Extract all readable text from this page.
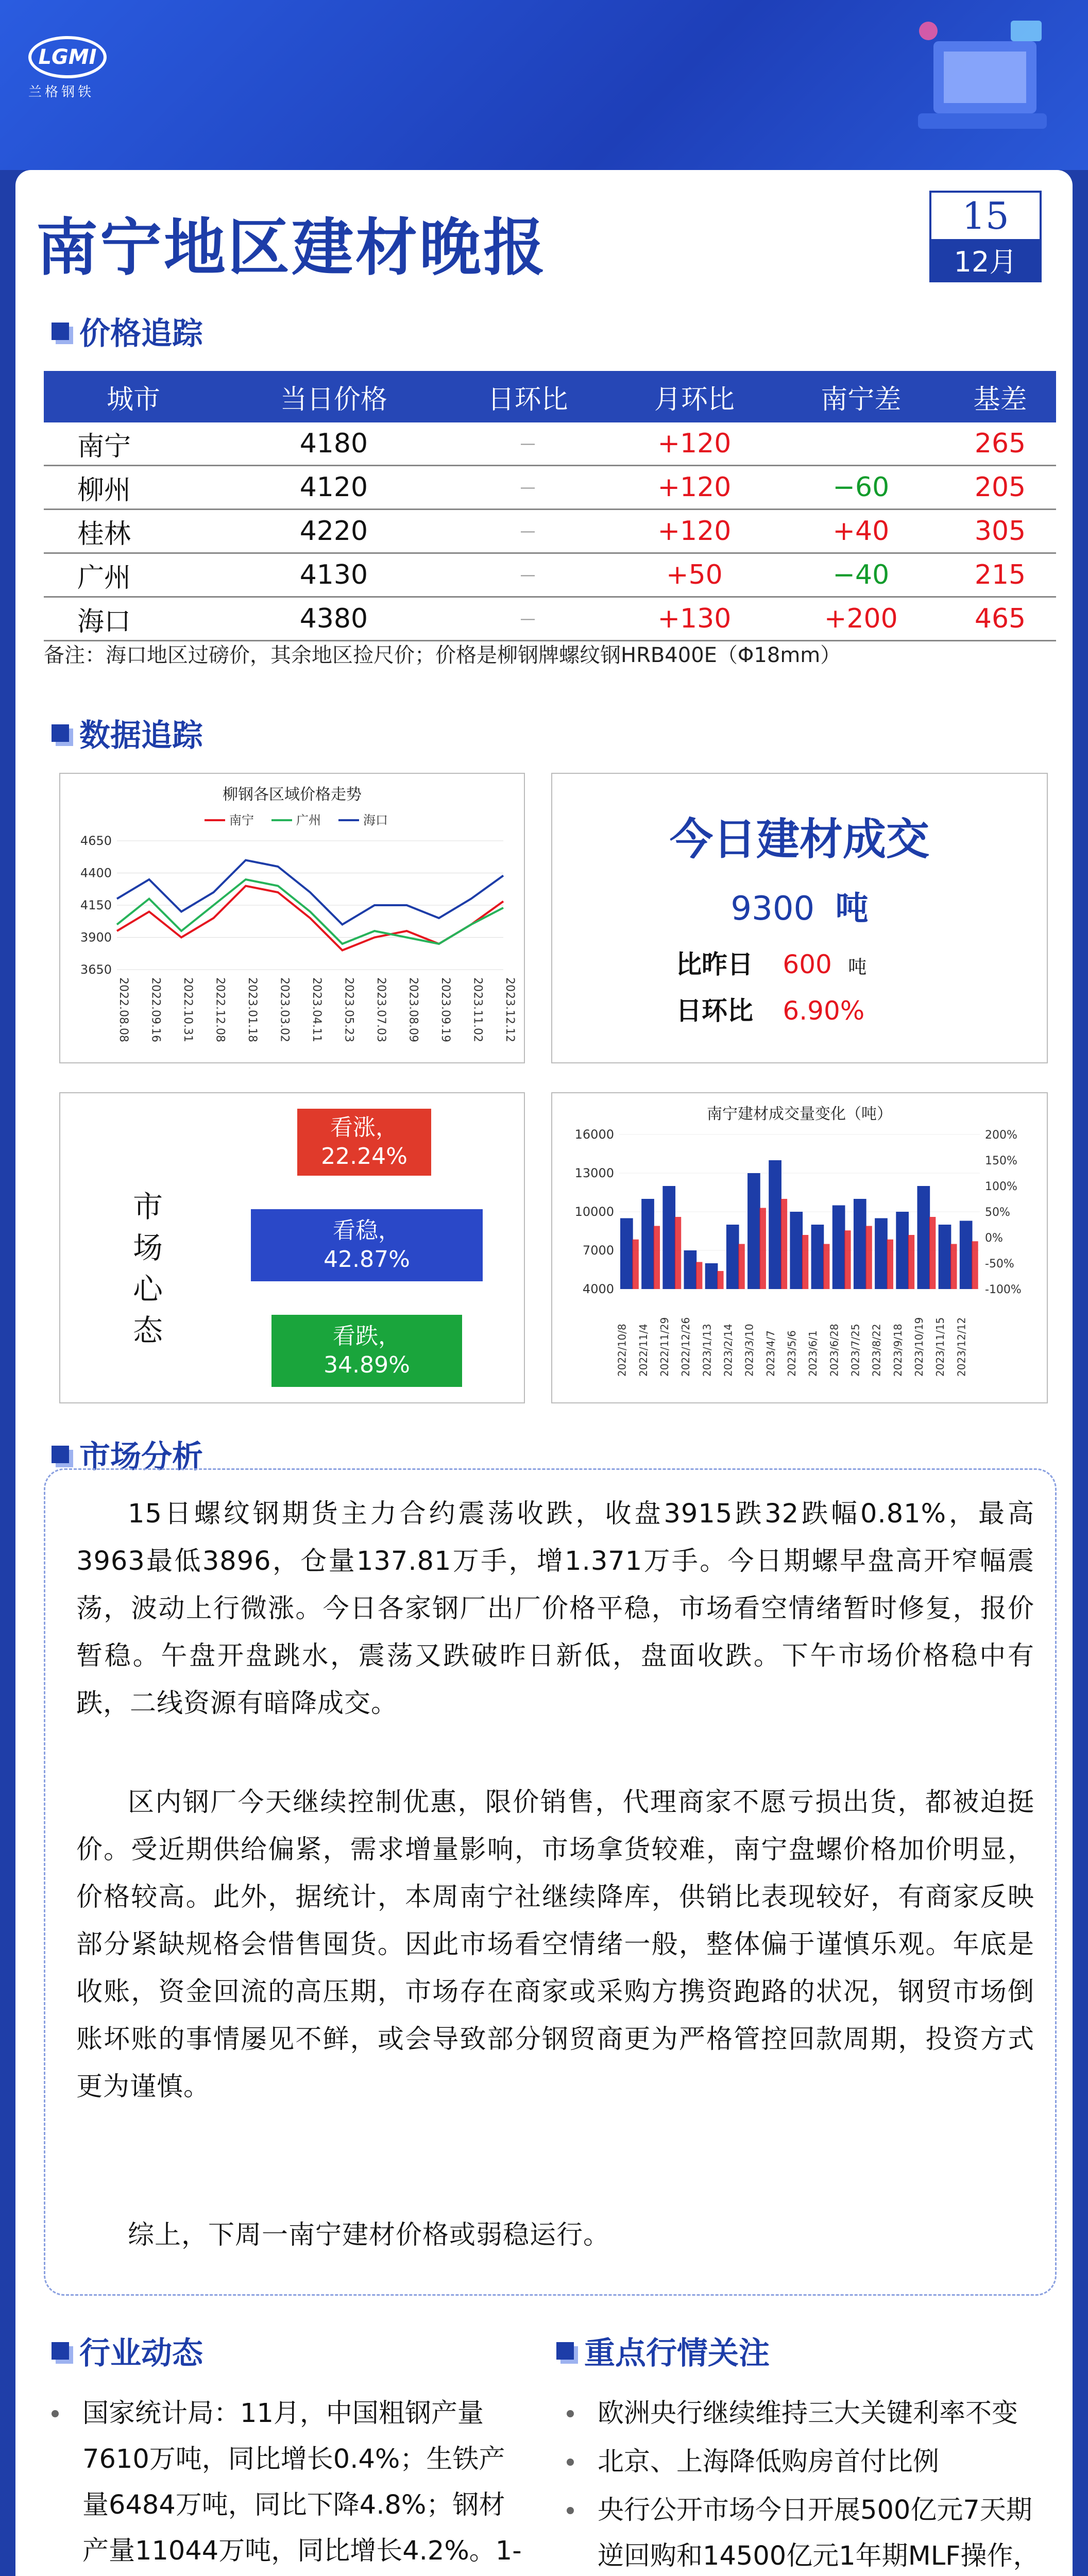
LGMI
兰格钢铁
南宁地区建材晚报	15
12月
价格追踪
城市	当日价格	日环比	月环比	南宁差	基差
南宁	4180	—	+120		265
柳州	4120	—	+120	−60	205
桂林	4220	—	+120	+40	305
广州	4130	—	+50	−40	215
海口	4380	—	+130	+200	465
备注：海口地区过磅价，其余地区捡尺价；价格是柳钢牌螺纹钢HRB400E（Φ18mm）
数据追踪
柳钢各区域价格走势
4650
4400
4150
3900
3650
2022.08.08 2022.09.16 2022.10.31 2022.12.08 2023.01.18 2023.03.02 2023.04.11 2023.05.23 2023.07.03 2023.08.09 2023.09.19 2023.11.02 2023.12.12
南宁	广州	海口	今日建材成交
9300 吨
比昨日 600 吨
日环比 6.90%
市场心态
看涨，
22.24%
看稳，
42.87%
看跌，
34.89%
南宁建材成交量变化（吨）
16000
13000
10000
7000
4000
200%
150%
100%
50%
0%
-50%
-100%
2022/10/8 2022/11/4 2022/11/29 2022/12/26 2023/1/13 2023/2/14 2023/3/10 2023/4/7 2023/5/6 2023/6/1 2023/6/28 2023/7/25 2023/8/22 2023/9/18 2023/10/19 2023/11/15 2023/12/12
市场分析
15日螺纹钢期货主力合约震荡收跌，收盘3915跌32跌幅0.81%，最高3963最低3896，仓量137.81万手，增1.371万手。今日期螺早盘高开窄幅震荡，波动上行微涨。今日各家钢厂出厂价格平稳，市场看空情绪暂时修复，报价暂稳。午盘开盘跳水，震荡又跌破昨日新低，盘面收跌。下午市场价格稳中有跌，二线资源有暗降成交。
区内钢厂今天继续控制优惠，限价销售，代理商家不愿亏损出货，都被迫挺价。受近期供给偏紧，需求增量影响，市场拿货较难，南宁盘螺价格加价明显，价格较高。此外，据统计，本周南宁社继续降库，供销比表现较好，有商家反映部分紧缺规格会惜售囤货。因此市场看空情绪一般，整体偏于谨慎乐观。年底是收账，资金回流的高压期，市场存在商家或采购方携资跑路的状况，钢贸市场倒账坏账的事情屡见不鲜，或会导致部分钢贸商更为严格管控回款周期，投资方式更为谨慎。
综上，下周一南宁建材价格或弱稳运行。
行业动态	重点行情关注
国家统计局：11月，中国粗钢产量7610万吨，同比增长0.4%；生铁产量6484万吨，同比下降4.8%；钢材产量11044万吨，同比增长4.2%。1-
欧洲央行继续维持三大关键利率不变
北京、上海降低购房首付比例
央行公开市场今日开展500亿元7天期逆回购和14500亿元1年期MLF操作，
